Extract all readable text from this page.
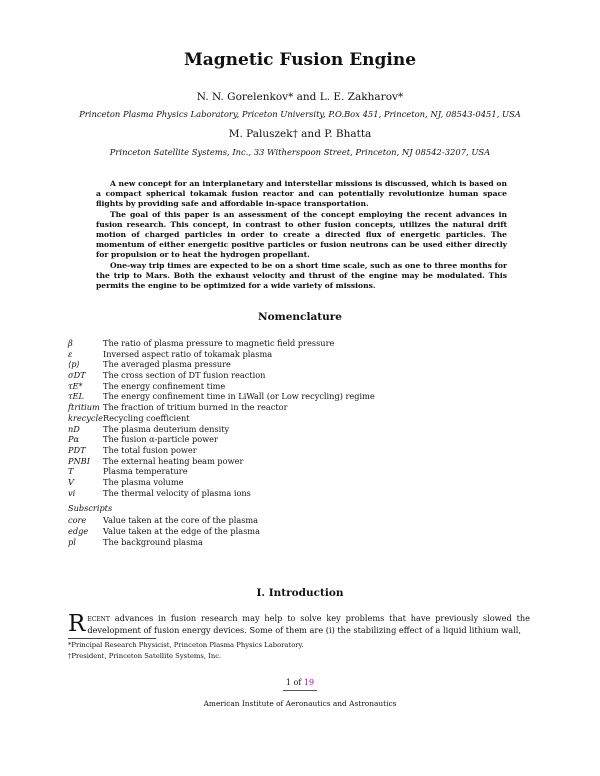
Magnetic Fusion Engine
N. N. Gorelenkov* and L. E. Zakharov*
Princeton Plasma Physics Laboratory, Priceton University, P.O.Box 451, Princeton, NJ, 08543-0451, USA
M. Paluszek† and P. Bhatta
Princeton Satellite Systems, Inc., 33 Witherspoon Street, Princeton, NJ 08542-3207, USA

A new concept for an interplanetary and interstellar missions is discussed, which is based on a compact spherical tokamak fusion reactor and can potentially revolutionize human space flights by providing safe and affordable in-space transportation.

The goal of this paper is an assessment of the concept employing the recent advances in fusion research. This concept, in contrast to other fusion concepts, utilizes the natural drift motion of charged particles in order to create a directed flux of energetic particles. The momentum of either energetic positive particles or fusion neutrons can be used either directly for propulsion or to heat the hydrogen propellant.

One-way trip times are expected to be on a short time scale, such as one to three months for the trip to Mars. Both the exhaust velocity and thrust of the engine may be modulated. This permits the engine to be optimized for a wide variety of missions.

Nomenclature
β	The ratio of plasma pressure to magnetic field pressure
ε	Inversed aspect ratio of tokamak plasma
⟨p⟩	The averaged plasma pressure
σDT	The cross section of DT fusion reaction
τE*	The energy confinement time
τEL	The energy confinement time in LiWall (or Low recycling) regime
ftritium The fraction of tritium burned in the reactor
krecycle Recycling coefficient
nD	The plasma deuterium density
Pα	The fusion α-particle power
PDT	The total fusion power
PNBI	The external heating beam power
T	Plasma temperature
V	The plasma volume
vi	The thermal velocity of plasma ions
Subscripts
core	Value taken at the core of the plasma
edge	Value taken at the edge of the plasma
pl	The background plasma
I. Introduction
R ecent advances in fusion research may help to solve key problems that have previously slowed the development of fusion energy devices. Some of them are (i) the stabilizing effect of a liquid lithium wall,
*Principal Research Physicist, Princeton Plasma Physics Laboratory.
†President, Princeton Satellite Systems, Inc.
1 of 19
American Institute of Aeronautics and Astronautics
